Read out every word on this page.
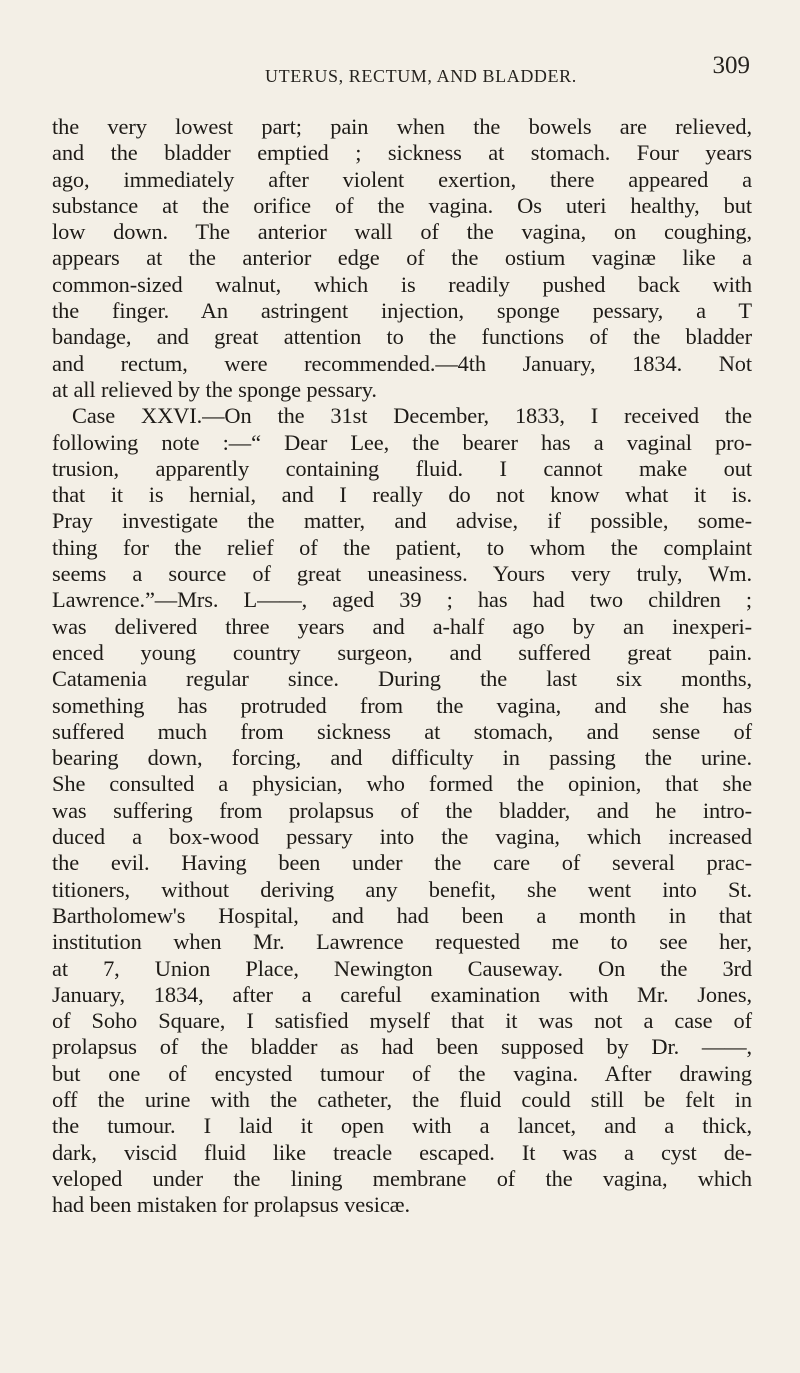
UTERUS, RECTUM, AND BLADDER.	309
the very lowest part; pain when the bowels are relieved,
and the bladder emptied ; sickness at stomach. Four years
ago, immediately after violent exertion, there appeared a
substance at the orifice of the vagina. Os uteri healthy, but
low down. The anterior wall of the vagina, on coughing,
appears at the anterior edge of the ostium vaginæ like a
common-sized walnut, which is readily pushed back with
the finger. An astringent injection, sponge pessary, a T
bandage, and great attention to the functions of the bladder
and rectum, were recommended.—4th January, 1834. Not
at all relieved by the sponge pessary.
Case XXVI.—On the 31st December, 1833, I received the
following note :—“ Dear Lee, the bearer has a vaginal pro-
trusion, apparently containing fluid. I cannot make out
that it is hernial, and I really do not know what it is.
Pray investigate the matter, and advise, if possible, some-
thing for the relief of the patient, to whom the complaint
seems a source of great uneasiness. Yours very truly, Wm.
Lawrence.”—Mrs. L——, aged 39 ; has had two children ;
was delivered three years and a-half ago by an inexperi-
enced young country surgeon, and suffered great pain.
Catamenia regular since. During the last six months,
something has protruded from the vagina, and she has
suffered much from sickness at stomach, and sense of
bearing down, forcing, and difficulty in passing the urine.
She consulted a physician, who formed the opinion, that she
was suffering from prolapsus of the bladder, and he intro-
duced a box-wood pessary into the vagina, which increased
the evil. Having been under the care of several prac-
titioners, without deriving any benefit, she went into St.
Bartholomew's Hospital, and had been a month in that
institution when Mr. Lawrence requested me to see her,
at 7, Union Place, Newington Causeway. On the 3rd
January, 1834, after a careful examination with Mr. Jones,
of Soho Square, I satisfied myself that it was not a case of
prolapsus of the bladder as had been supposed by Dr. ——,
but one of encysted tumour of the vagina. After drawing
off the urine with the catheter, the fluid could still be felt in
the tumour. I laid it open with a lancet, and a thick,
dark, viscid fluid like treacle escaped. It was a cyst de-
veloped under the lining membrane of the vagina, which
had been mistaken for prolapsus vesicæ.
